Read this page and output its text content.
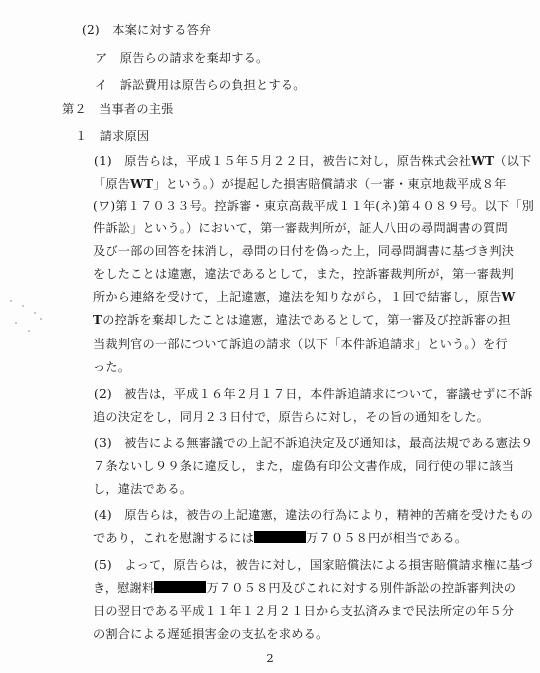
(2)　本案に対する答弁
ア　原告らの請求を棄却する。
イ　訴訟費用は原告らの負担とする。
第２　当事者の主張
１　請求原因
(1)　原告らは，平成１５年５月２２日，被告に対し，原告株式会社WT（以下
「原告WT」という。）が提起した損害賠償請求（一審・東京地裁平成８年
(ワ)第１７０３３号。控訴審・東京高裁平成１１年(ネ)第４０８９号。以下「別
件訴訟」という。）において，第一審裁判所が，証人八田の尋問調書の質問
及び一部の回答を抹消し，尋問の日付を偽った上，同尋問調書に基づき判決
をしたことは違憲，違法であるとして，また，控訴審裁判所が，第一審裁判
所から連絡を受けて，上記違憲，違法を知りながら，１回で結審し，原告W
Tの控訴を棄却したことは違憲，違法であるとして，第一審及び控訴審の担
当裁判官の一部について訴追の請求（以下「本件訴追請求」という。）を行
った。
(2)　被告は，平成１６年２月１７日，本件訴追請求について，審議せずに不訴
追の決定をし，同月２３日付で，原告らに対し，その旨の通知をした。
(3)　被告による無審議での上記不訴追決定及び通知は，最高法規である憲法９
７条ないし９９条に違反し，また，虚偽有印公文書作成，同行使の罪に該当
し，違法である。
(4)　原告らは，被告の上記違憲，違法の行為により，精神的苦痛を受けたもの
であり，これを慰謝するには	万７０５８円が相当である。
(5)　よって，原告らは，被告に対し，国家賠償法による損害賠償請求権に基づ
き，慰謝料	万７０５８円及びこれに対する別件訴訟の控訴審判決の
日の翌日である平成１１年１２月２１日から支払済みまで民法所定の年５分
の割合による遅延損害金の支払を求める。
2
